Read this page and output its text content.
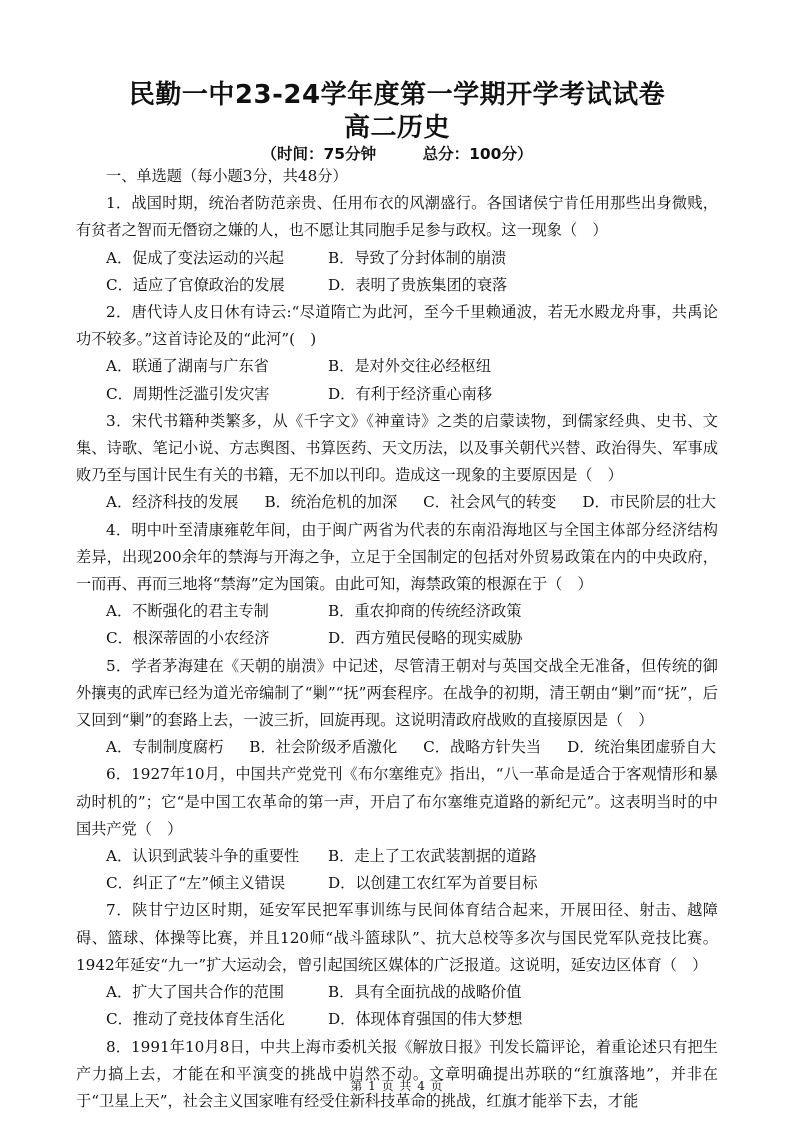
民勤一中23-24学年度第一学期开学考试试卷
高二历史
（时间：75分钟　　　	总分：100分）
一、单选题（每小题3分，共48分）

1．战国时期，统治者防范亲贵、任用布衣的风潮盛行。各国诸侯宁肯任用那些出身微贱，有贫者之智而无僭窃之嫌的人，也不愿让其同胞手足参与政权。这一现象（　）

A．促成了变法运动的兴起	B．导致了分封体制的崩溃
C．适应了官僚政治的发展	D．表明了贵族集团的衰落

2．唐代诗人皮日休有诗云:“尽道隋亡为此河，至今千里赖通波，若无水殿龙舟事，共禹论功不较多。”这首诗论及的“此河”(　)

A．联通了湖南与广东省	B．是对外交往必经枢纽
C．周期性泛滥引发灾害	D．有利于经济重心南移

3．宋代书籍种类繁多，从《千字文》《神童诗》之类的启蒙读物，到儒家经典、史书、文集、诗歌、笔记小说、方志舆图、书算医药、天文历法，以及事关朝代兴替、政治得失、军事成败乃至与国计民生有关的书籍，无不加以刊印。造成这一现象的主要原因是（　）

A．经济科技的发展 B．统治危机的加深 C．社会风气的转变 D．市民阶层的壮大

4．明中叶至清康雍乾年间，由于闽广两省为代表的东南沿海地区与全国主体部分经济结构差异，出现200余年的禁海与开海之争，立足于全国制定的包括对外贸易政策在内的中央政府，一而再、再而三地将“禁海”定为国策。由此可知，海禁政策的根源在于（　）

A．不断强化的君主专制	B．重农抑商的传统经济政策
C．根深蒂固的小农经济	D．西方殖民侵略的现实威胁

5．学者茅海建在《天朝的崩溃》中记述，尽管清王朝对与英国交战全无准备，但传统的御外攘夷的武库已经为道光帝编制了“剿”“抚”两套程序。在战争的初期，清王朝由“剿”而“抚”，后又回到“剿”的套路上去，一波三折，回旋再现。这说明清政府战败的直接原因是（　）

A．专制制度腐朽 B．社会阶级矛盾激化 C．战略方针失当 D．统治集团虚骄自大

6．1927年10月，中国共产党党刊《布尔塞维克》指出，“八一革命是适合于客观情形和暴动时机的”；它“是中国工农革命的第一声，开启了布尔塞维克道路的新纪元”。这表明当时的中国共产党（　）

A．认识到武装斗争的重要性	B．走上了工农武装割据的道路
C．纠正了“左”倾主义错误	D．以创建工农红军为首要目标

7．陕甘宁边区时期，延安军民把军事训练与民间体育结合起来，开展田径、射击、越障碍、篮球、体操等比赛，并且120师“战斗篮球队”、抗大总校等多次与国民党军队竞技比赛。1942年延安“九一”扩大运动会，曾引起国统区媒体的广泛报道。这说明，延安边区体育（　）

A．扩大了国共合作的范围	B．具有全面抗战的战略价值
C．推动了竞技体育生活化	D．体现体育强国的伟大梦想

8．1991年10月8日，中共上海市委机关报《解放日报》刊发长篇评论，着重论述只有把生产力搞上去，才能在和平演变的挑战中岿然不动。文章明确提出苏联的“红旗落地”，并非在于“卫星上天”，社会主义国家唯有经受住新科技革命的挑战，红旗才能举下去，才能

第 1 页 共 4 页
